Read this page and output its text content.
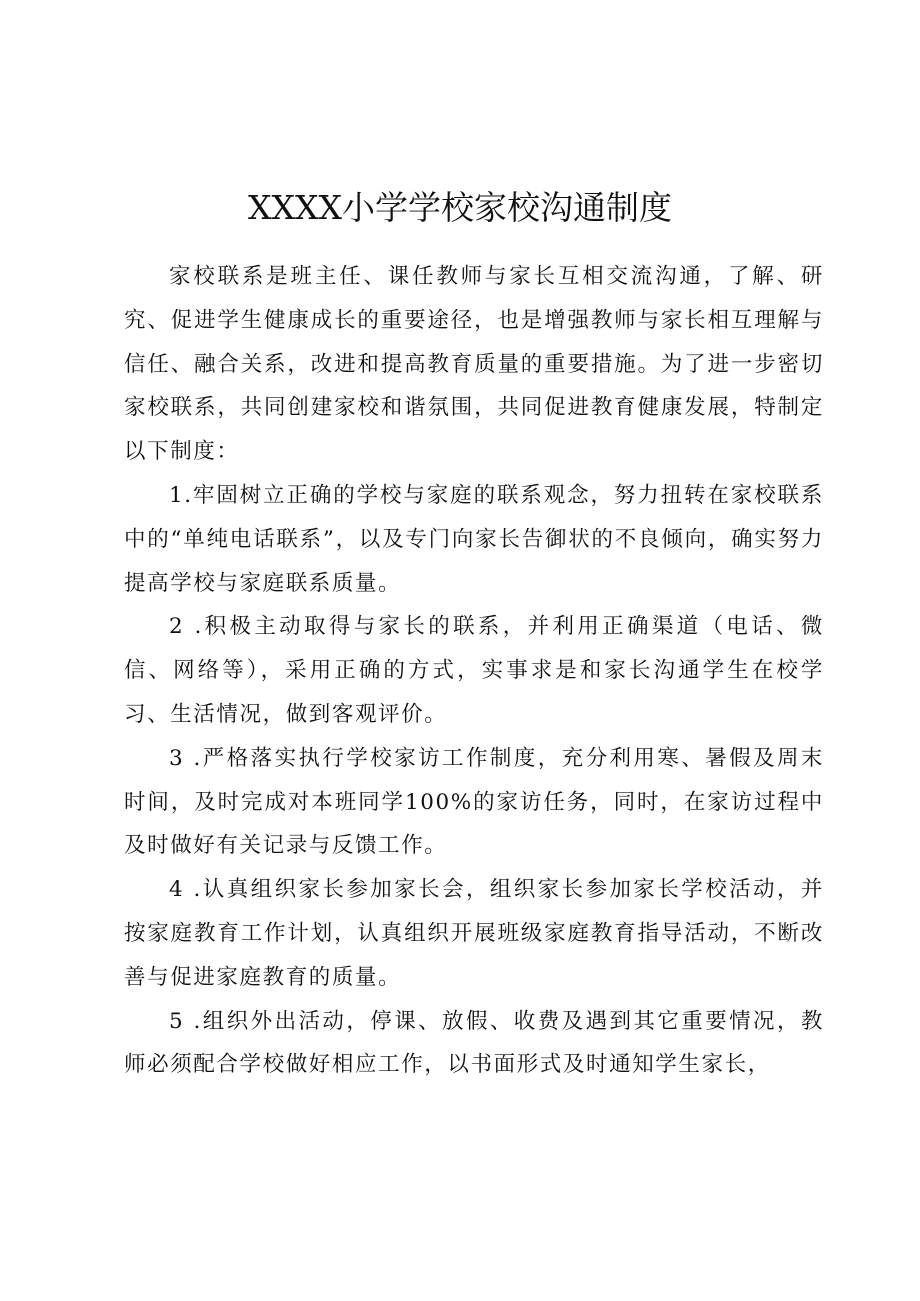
XXXX小学学校家校沟通制度

家校联系是班主任、课任教师与家长互相交流沟通，了解、研究、促进学生健康成长的重要途径，也是增强教师与家长相互理解与信任、融合关系，改进和提高教育质量的重要措施。为了进一步密切家校联系，共同创建家校和谐氛围，共同促进教育健康发展，特制定以下制度：

1.牢固树立正确的学校与家庭的联系观念，努力扭转在家校联系中的“单纯电话联系”，以及专门向家长告御状的不良倾向，确实努力提高学校与家庭联系质量。

2 .积极主动取得与家长的联系，并利用正确渠道（电话、微信、网络等），采用正确的方式，实事求是和家长沟通学生在校学习、生活情况，做到客观评价。

3 .严格落实执行学校家访工作制度，充分利用寒、暑假及周末时间，及时完成对本班同学100%的家访任务，同时，在家访过程中及时做好有关记录与反馈工作。

4 .认真组织家长参加家长会，组织家长参加家长学校活动，并按家庭教育工作计划，认真组织开展班级家庭教育指导活动，不断改善与促进家庭教育的质量。

5 .组织外出活动，停课、放假、收费及遇到其它重要情况，教师必须配合学校做好相应工作，以书面形式及时通知学生家长，
